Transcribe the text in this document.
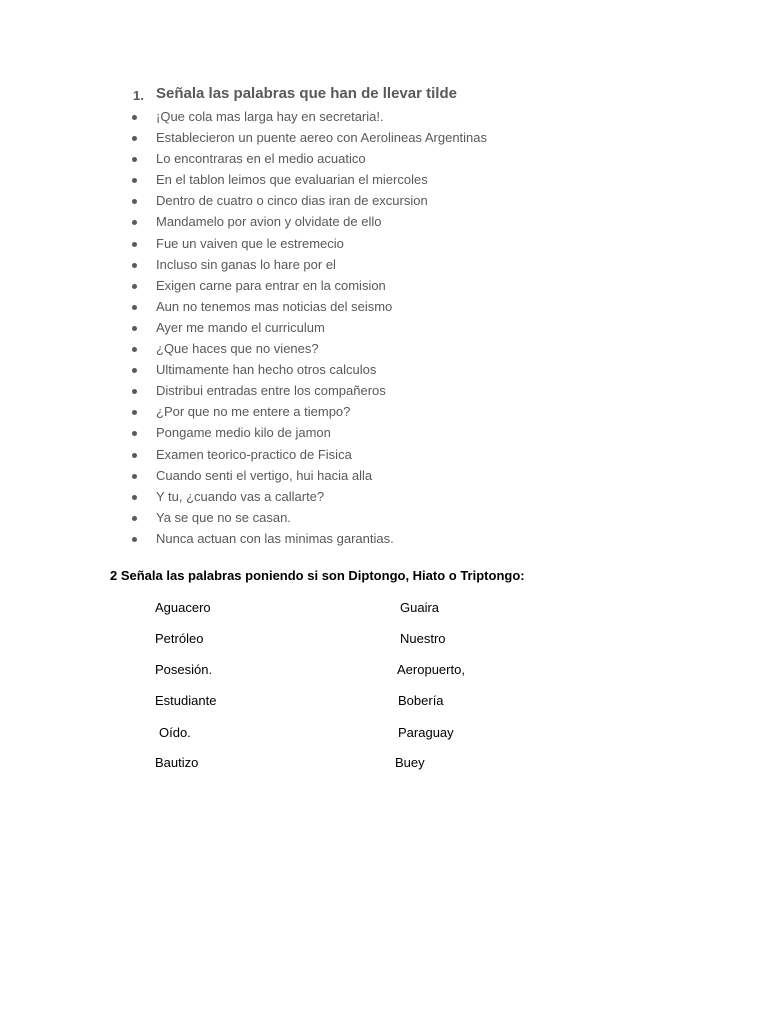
1. Señala las palabras que han de llevar tilde
¡Que cola mas larga hay en secretaria!.
Establecieron un puente aereo con Aerolineas Argentinas
Lo encontraras en el medio acuatico
En el tablon leimos que evaluarian el miercoles
Dentro de cuatro o cinco dias iran de excursion
Mandamelo por avion y olvidate de ello
Fue un vaiven que le estremecio
Incluso sin ganas lo hare por el
Exigen carne para entrar en la comision
Aun no tenemos mas noticias del seismo
Ayer me mando el curriculum
¿Que haces que no vienes?
Ultimamente han hecho otros calculos
Distribui entradas entre los compañeros
¿Por que no me entere a tiempo?
Pongame medio kilo de jamon
Examen teorico-practico de Fisica
Cuando senti el vertigo, hui hacia alla
Y tu, ¿cuando vas a callarte?
Ya se que no se casan.
Nunca actuan con las minimas garantias.
2 Señala las palabras poniendo si son Diptongo, Hiato o Triptongo:
Aguacero
Petróleo
Posesión.
Estudiante
Oído.
Bautizo
Guaira
Nuestro
Aeropuerto,
Bobería
Paraguay
Buey
